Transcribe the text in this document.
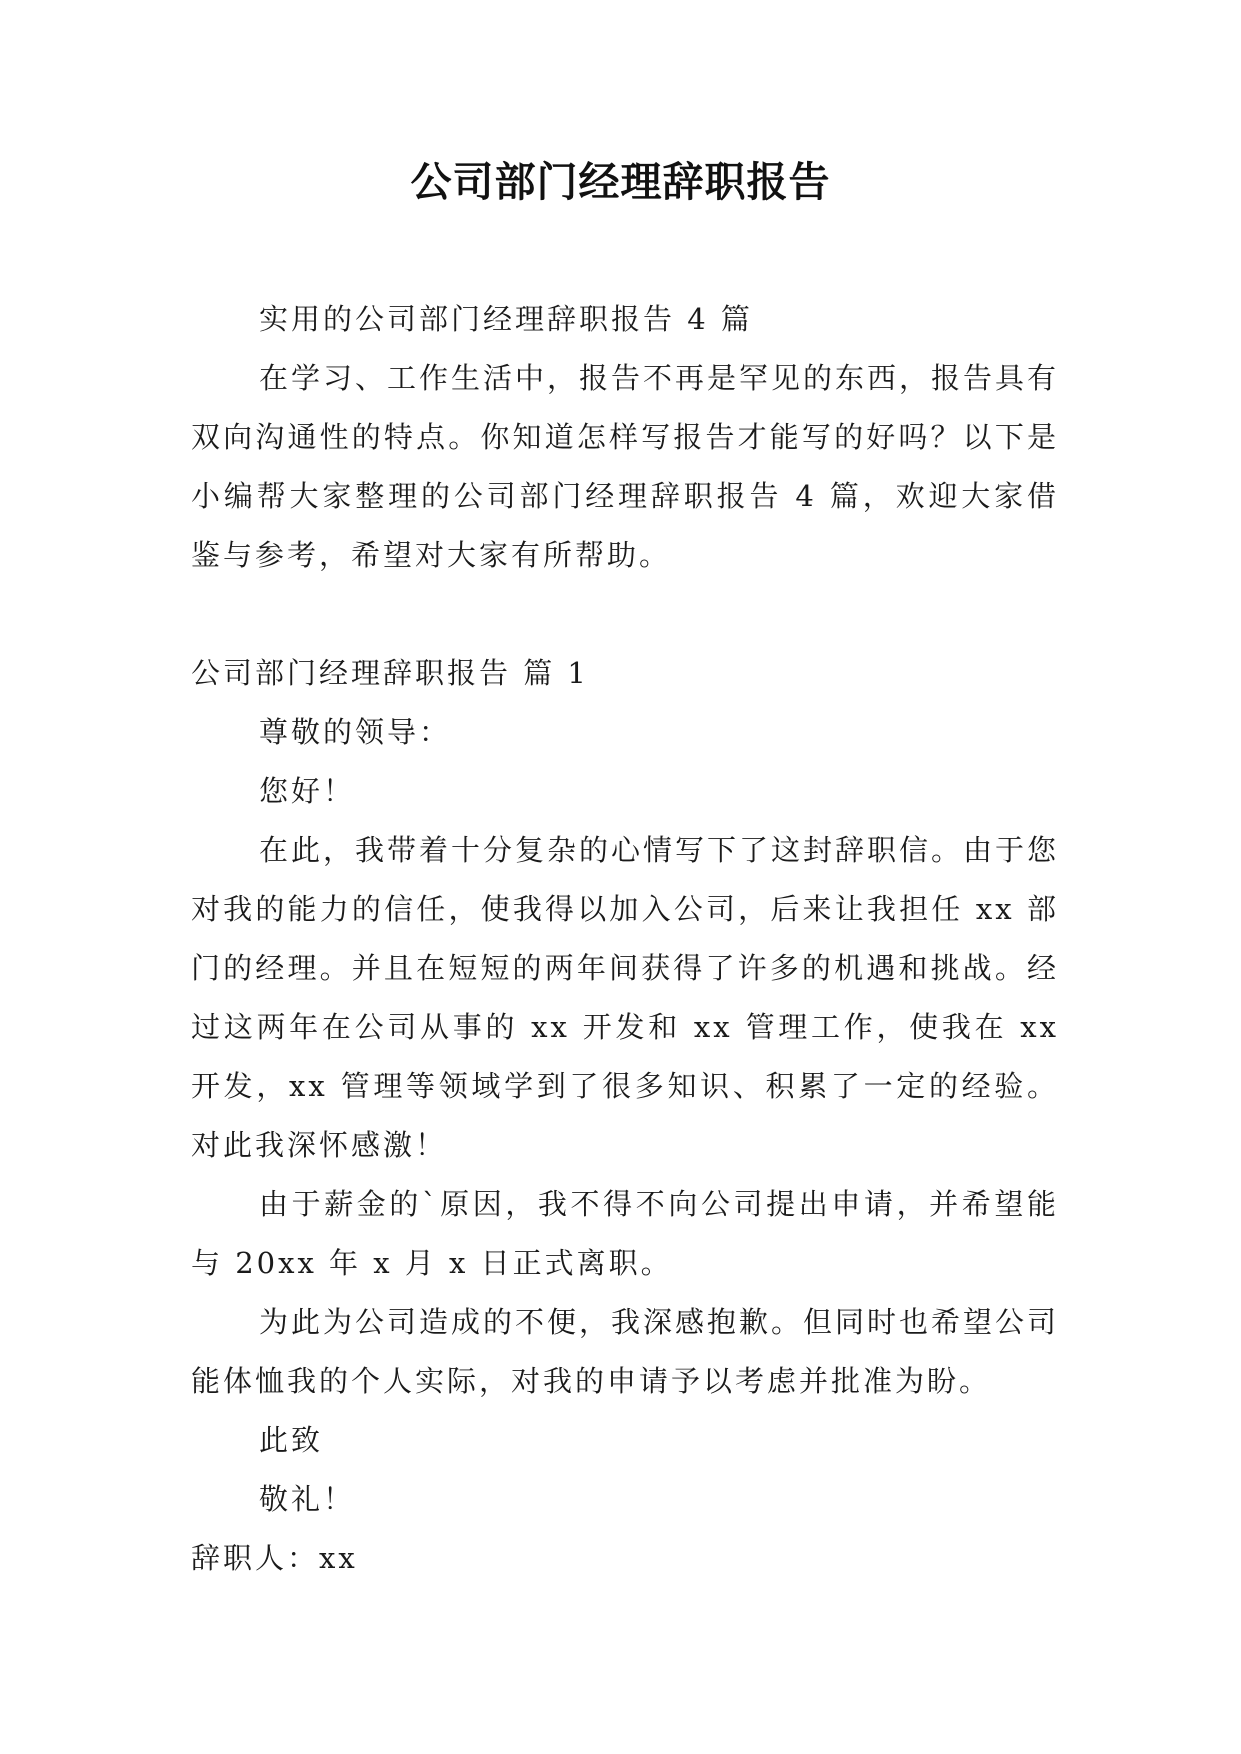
公司部门经理辞职报告

实用的公司部门经理辞职报告 4 篇

在学习、工作生活中，报告不再是罕见的东西，报告具有双向沟通性的特点。你知道怎样写报告才能写的好吗？以下是小编帮大家整理的公司部门经理辞职报告 4 篇，欢迎大家借鉴与参考，希望对大家有所帮助。

公司部门经理辞职报告 篇 1

尊敬的领导：

您好！

在此，我带着十分复杂的心情写下了这封辞职信。由于您对我的能力的信任，使我得以加入公司，后来让我担任 xx 部门的经理。并且在短短的两年间获得了许多的机遇和挑战。经过这两年在公司从事的 xx 开发和 xx 管理工作，使我在 xx 开发，xx 管理等领域学到了很多知识、积累了一定的经验。对此我深怀感激！

由于薪金的`原因，我不得不向公司提出申请，并希望能与 20xx 年 x 月 x 日正式离职。

为此为公司造成的不便，我深感抱歉。但同时也希望公司能体恤我的个人实际，对我的申请予以考虑并批准为盼。

此致

敬礼！

辞职人：xx
